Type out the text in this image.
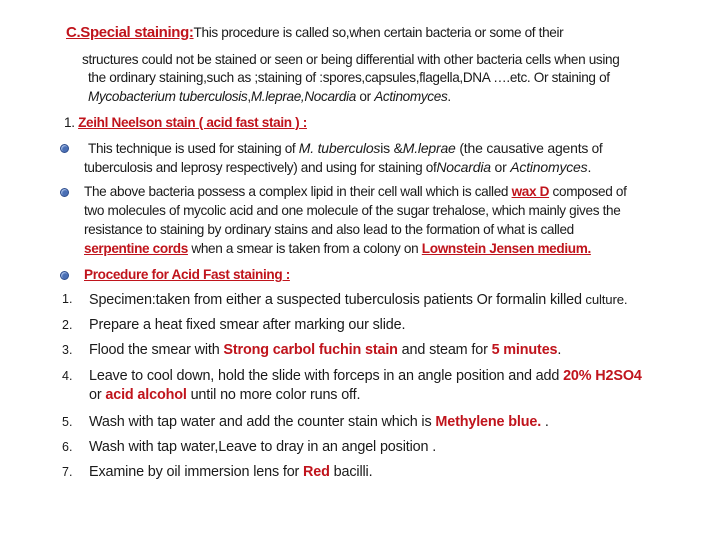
C.Special staining:This procedure is called so,when certain bacteria or some of their
structures could not be stained or seen or being differential with other bacteria cells when using
the ordinary staining,such as ;staining of :spores,capsules,flagella,DNA ….etc. Or staining of
Mycobacterium tuberculosis,M.leprae,Nocardia or Actinomyces.
1. Zeihl Neelson stain ( acid fast stain ) :
This technique is used for staining of M. tuberculosis &M.leprae (the causative agents of
tuberculosis and leprosy respectively) and using for staining ofNocardia or Actinomyces.
The above bacteria possess a complex lipid in their cell wall which is called wax D composed of
two molecules of mycolic acid and one molecule of the sugar trehalose, which mainly gives the
resistance to staining by ordinary stains and also lead to the formation of what is called
serpentine cords when a smear is taken from a colony on Lownstein Jensen medium.
Procedure for Acid Fast staining :
1. Specimen:taken from either a suspected tuberculosis patients Or formalin killed culture.
2. Prepare a heat fixed smear after marking our slide.
3. Flood the smear with Strong carbol fuchin stain and steam for 5 minutes.
4. Leave to cool down, hold the slide with forceps in an angle position and add 20% H2SO4
or acid alcohol until no more color runs off.
5. Wash with tap water and add the counter stain which is Methylene blue. .
6. Wash with tap water,Leave to dray in an angel position .
7. Examine by oil immersion lens for Red bacilli.
